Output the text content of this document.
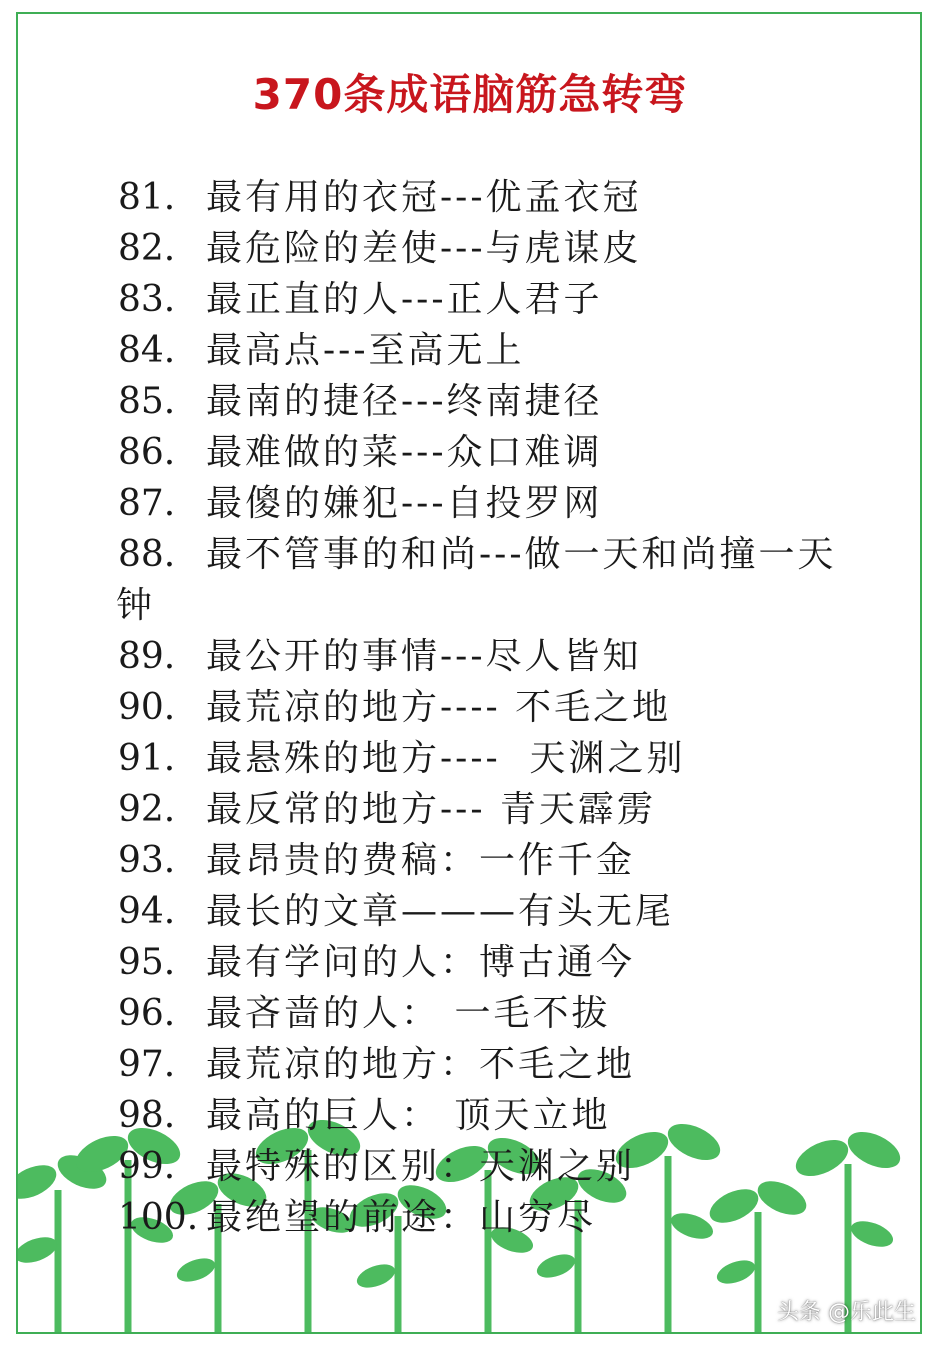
370条成语脑筋急转弯
81. 最有用的衣冠---优孟衣冠
82. 最危险的差使---与虎谋皮
83. 最正直的人---正人君子
84. 最高点---至高无上
85. 最南的捷径---终南捷径
86. 最难做的菜---众口难调
87. 最傻的嫌犯---自投罗网
88. 最不管事的和尚---做一天和尚撞一天
钟
89. 最公开的事情---尽人皆知
90. 最荒凉的地方---- 不毛之地
91. 最悬殊的地方----  天渊之别
92. 最反常的地方--- 青天霹雳
93. 最昂贵的费稿：一作千金
94. 最长的文章———有头无尾
95. 最有学问的人：博古通今
96. 最吝啬的人： 一毛不拔
97. 最荒凉的地方：不毛之地
98. 最高的巨人： 顶天立地
99. 最特殊的区别：天渊之别
100. 最绝望的前途：山穷尽
头条 @乐此生
